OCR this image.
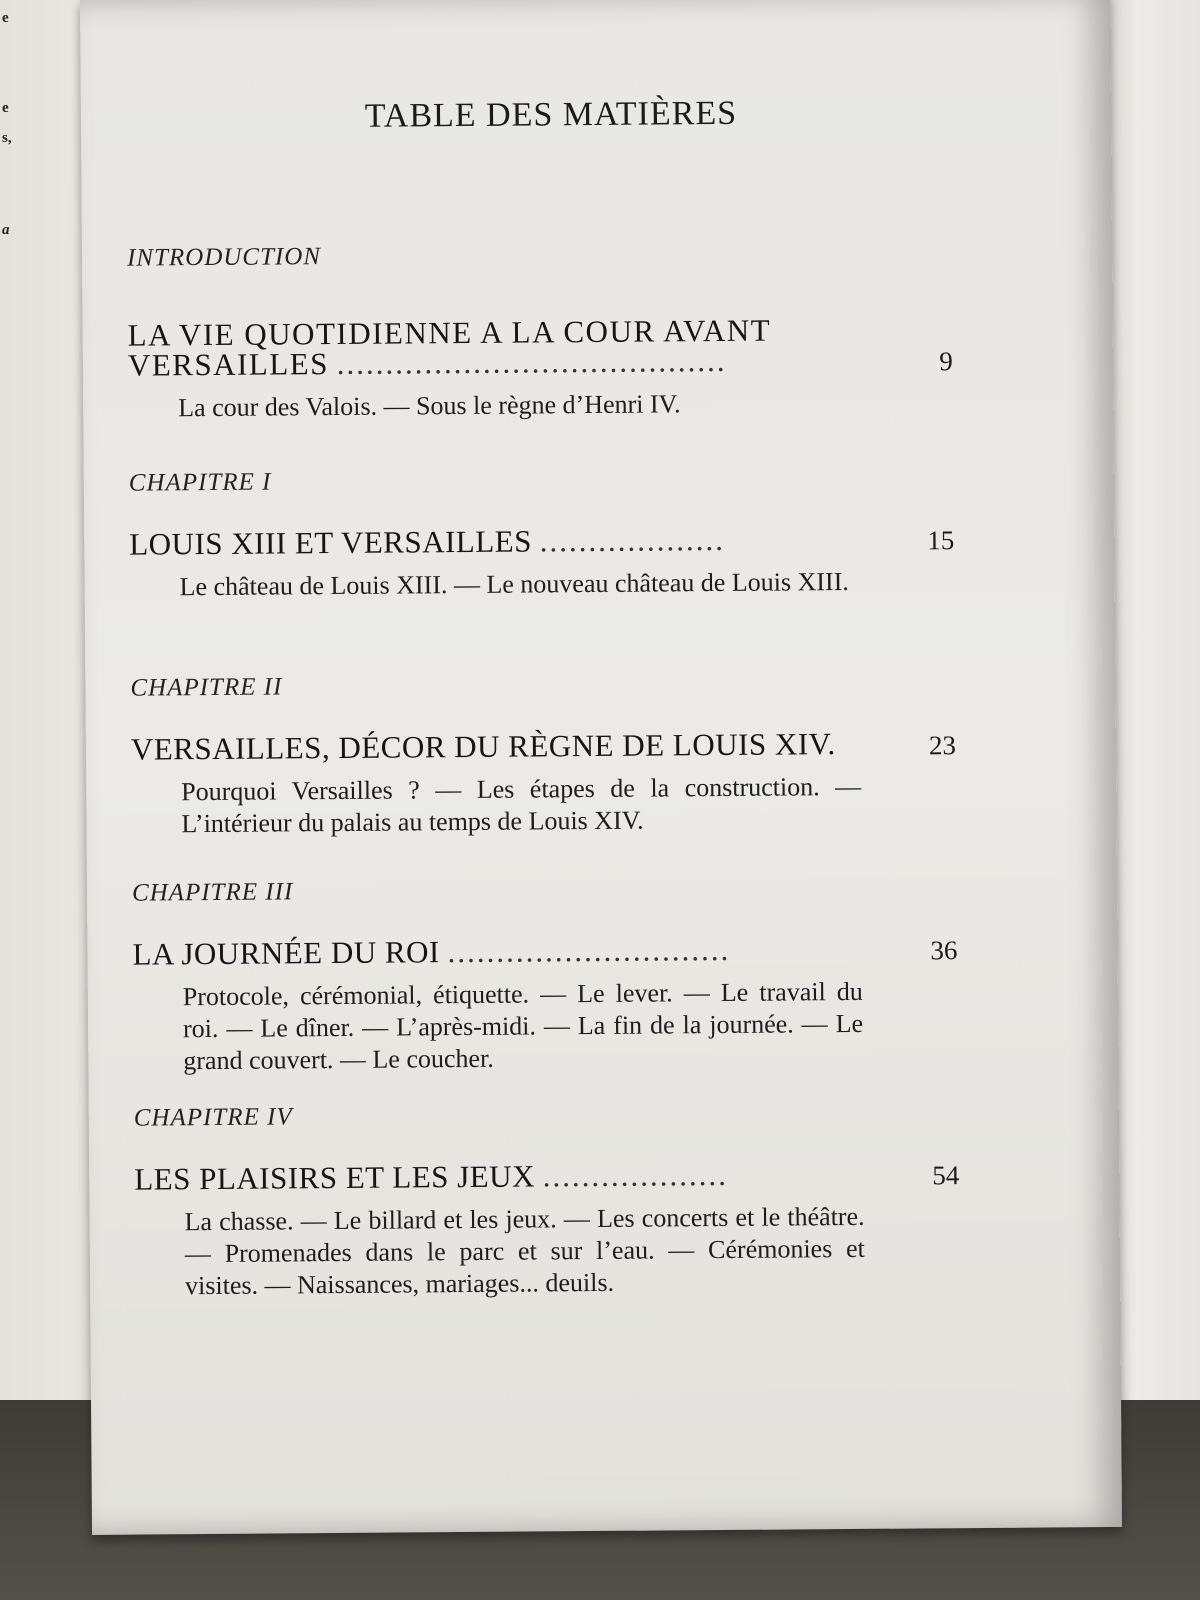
e
e
s,
a
TABLE DES MATIÈRES
INTRODUCTION
LA VIE QUOTIDIENNE A LA COUR AVANT VERSAILLES ........................................	9
La cour des Valois. — Sous le règne d’Henri IV.
CHAPITRE I
LOUIS XIII ET VERSAILLES ...................	15
Le château de Louis XIII. — Le nouveau château de Louis XIII.
CHAPITRE II
VERSAILLES, DÉCOR DU RÈGNE DE LOUIS XIV.	23
Pourquoi Versailles ? — Les étapes de la construction. — L’intérieur du palais au temps de Louis XIV.
CHAPITRE III
LA JOURNÉE DU ROI .............................	36
Protocole, cérémonial, étiquette. — Le lever. — Le travail du roi. — Le dîner. — L’après-midi. — La fin de la journée. — Le grand couvert. — Le coucher.
CHAPITRE IV
LES PLAISIRS ET LES JEUX ...................	54
La chasse. — Le billard et les jeux. — Les concerts et le théâtre. — Promenades dans le parc et sur l’eau. — Cérémonies et visites. — Naissances, mariages... deuils.
